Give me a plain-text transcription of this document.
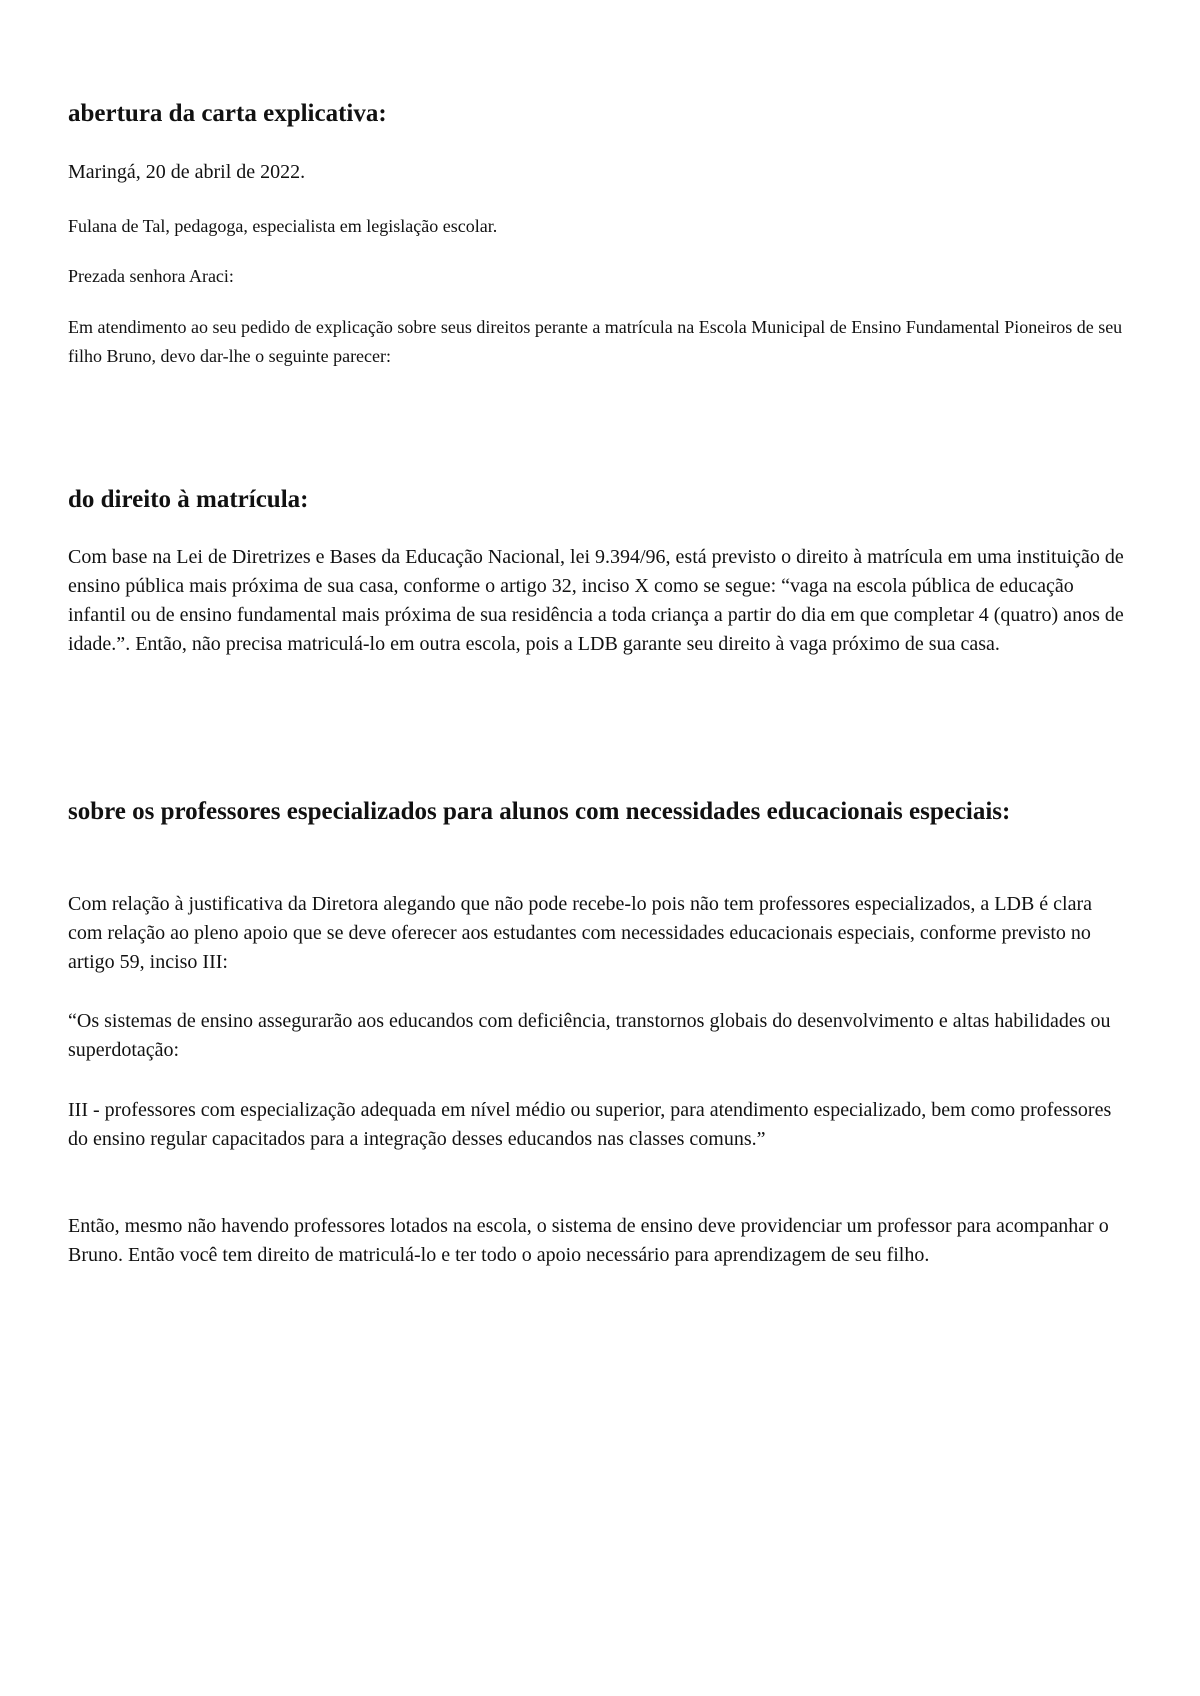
abertura da carta explicativa:

Maringá, 20 de abril de 2022.

Fulana de Tal, pedagoga, especialista em legislação escolar.

Prezada senhora Araci:

Em atendimento ao seu pedido de explicação sobre seus direitos perante a matrícula na Escola Municipal de Ensino Fundamental Pioneiros de seu filho Bruno, devo dar-lhe o seguinte parecer:

do direito à matrícula:

Com base na Lei de Diretrizes e Bases da Educação Nacional, lei 9.394/96, está previsto o direito à matrícula em uma instituição de ensino pública mais próxima de sua casa, conforme o artigo 32, inciso X como se segue: “vaga na escola pública de educação infantil ou de ensino fundamental mais próxima de sua residência a toda criança a partir do dia em que completar 4 (quatro) anos de idade.”. Então, não precisa matriculá-lo em outra escola, pois a LDB garante seu direito à vaga próximo de sua casa.

sobre os professores especializados para alunos com necessidades educacionais especiais:

Com relação à justificativa da Diretora alegando que não pode recebe-lo pois não tem professores especializados, a LDB é clara com relação ao pleno apoio que se deve oferecer aos estudantes com necessidades educacionais especiais, conforme previsto no artigo 59, inciso III:

“Os sistemas de ensino assegurarão aos educandos com deficiência, transtornos globais do desenvolvimento e altas habilidades ou superdotação:

III - professores com especialização adequada em nível médio ou superior, para atendimento especializado, bem como professores do ensino regular capacitados para a integração desses educandos nas classes comuns.”

Então, mesmo não havendo professores lotados na escola, o sistema de ensino deve providenciar um professor para acompanhar o Bruno. Então você tem direito de matriculá-lo e ter todo o apoio necessário para aprendizagem de seu filho.
